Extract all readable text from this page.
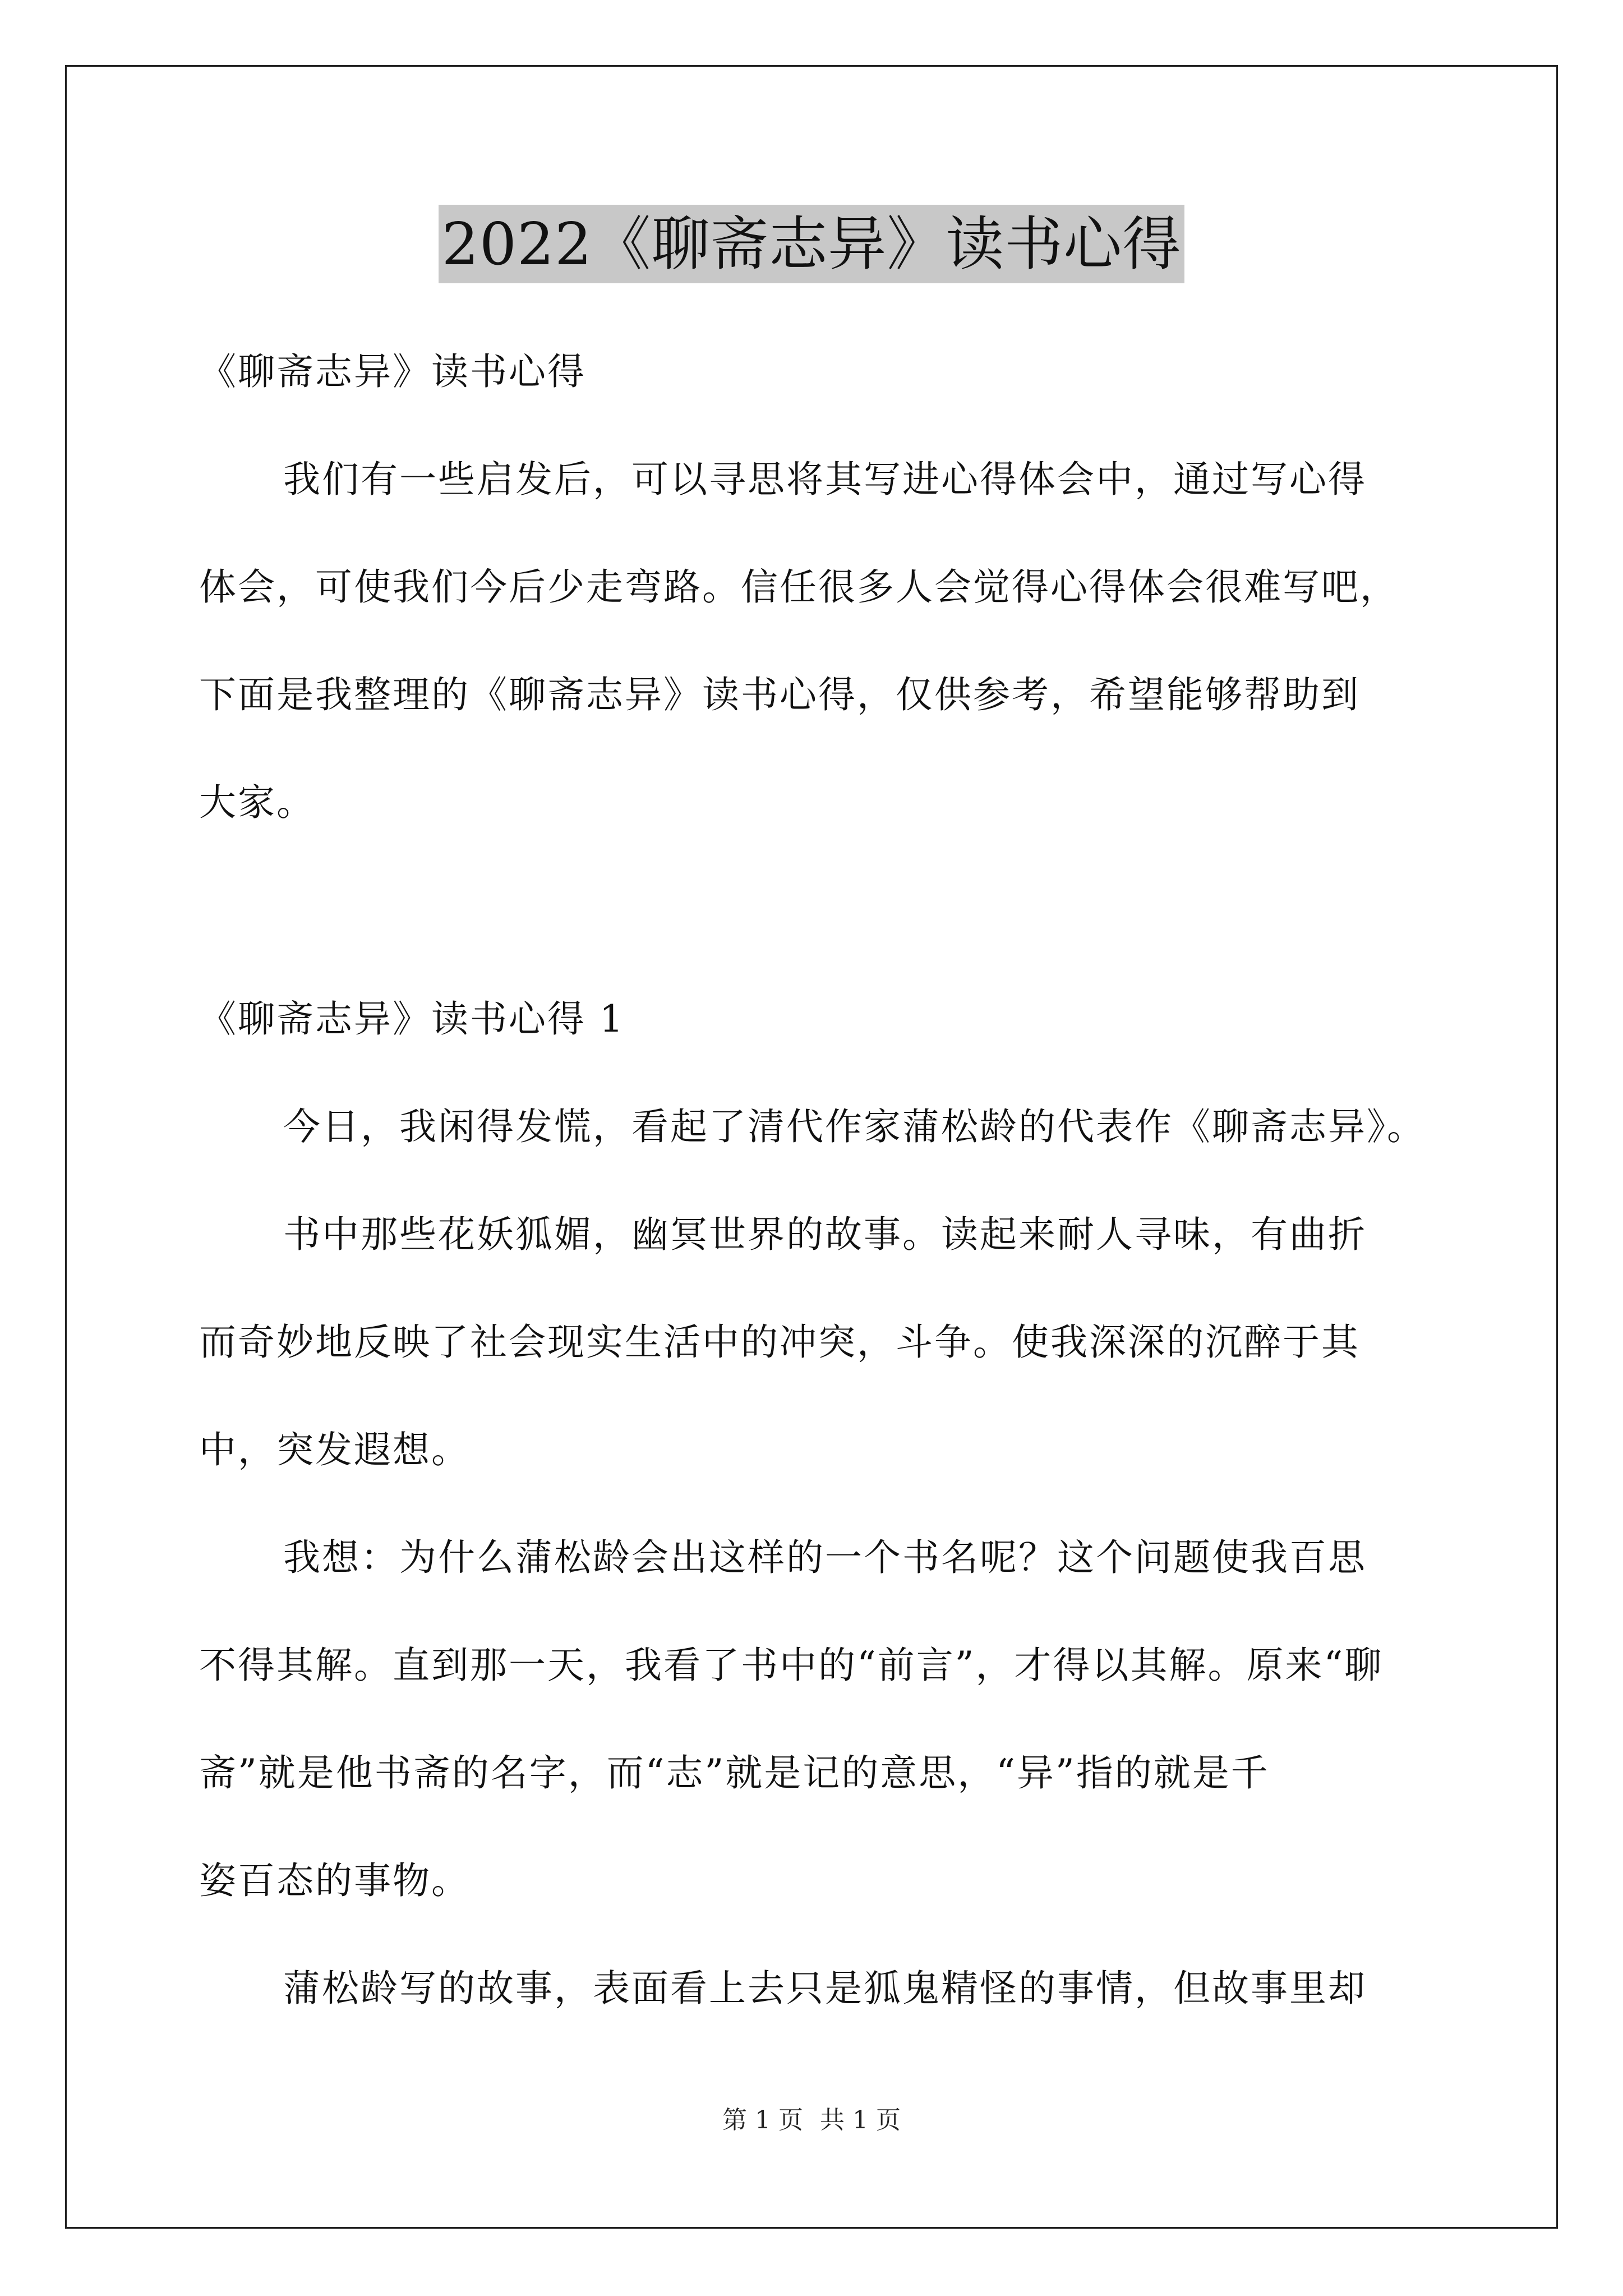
2022《聊斋志异》读书心得
《聊斋志异》读书心得
我们有一些启发后，可以寻思将其写进心得体会中，通过写心得
体会，可使我们今后少走弯路。信任很多人会觉得心得体会很难写吧，
下面是我整理的《聊斋志异》读书心得，仅供参考，希望能够帮助到
大家。
《聊斋志异》读书心得 1
今日，我闲得发慌，看起了清代作家蒲松龄的代表作《聊斋志异》。
书中那些花妖狐媚，幽冥世界的故事。读起来耐人寻味，有曲折
而奇妙地反映了社会现实生活中的冲突，斗争。使我深深的沉醉于其
中，突发遐想。
我想：为什么蒲松龄会出这样的一个书名呢？这个问题使我百思
不得其解。直到那一天，我看了书中的“前言”，才得以其解。原来“聊
斋”就是他书斋的名字，而“志”就是记的意思，“异”指的就是千
姿百态的事物。
蒲松龄写的故事，表面看上去只是狐鬼精怪的事情，但故事里却
第 1 页 共 1 页
